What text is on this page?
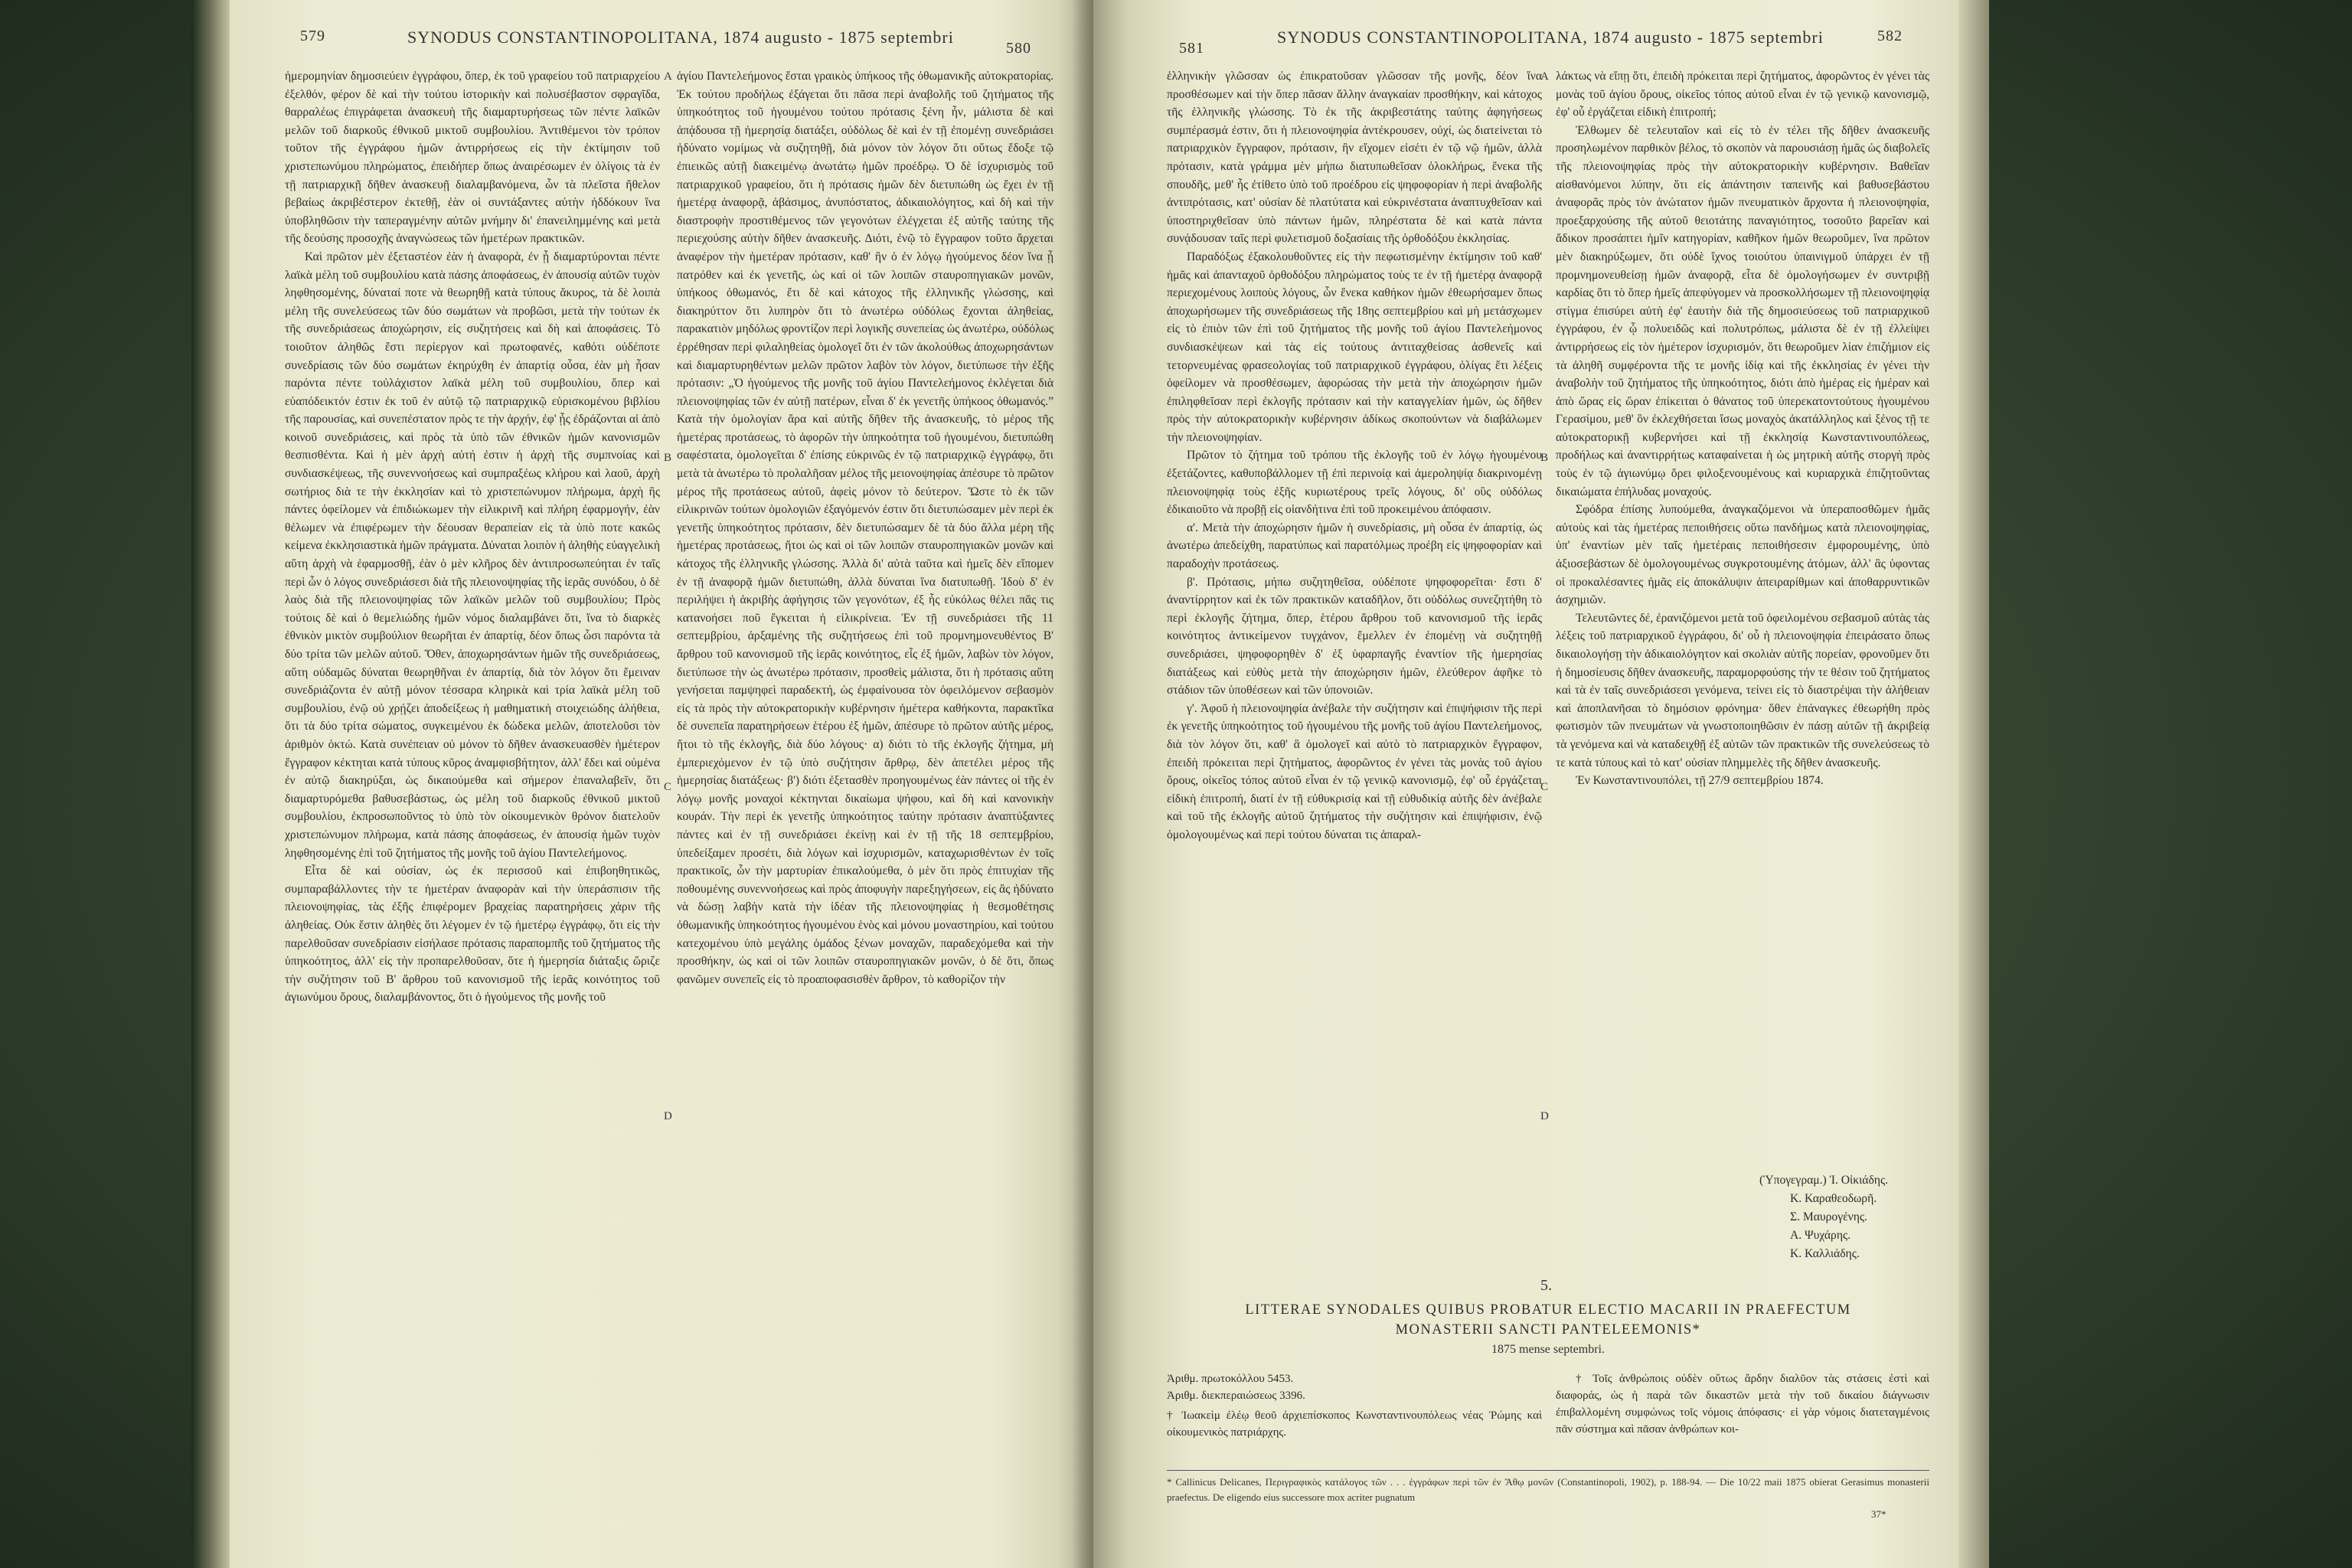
579	SYNODUS CONSTANTINOPOLITANA, 1874 augusto - 1875 septembri
580

ἡμερομηνίαν δημοσιεύειν ἐγγράφου, ὅπερ, ἐκ τοῦ γραφείου τοῦ πατριαρχείου ἐξελθόν, φέρον δὲ καὶ τὴν τούτου ἱστορικὴν καὶ πολυσέβαστον σφραγῖδα, θαρραλέως ἐπιγράφεται ἀνασκευὴ τῆς διαμαρτυρήσεως τῶν πέντε λαϊκῶν μελῶν τοῦ διαρκοῦς ἐθνικοῦ μικτοῦ συμβουλίου. Ἀντιθέμενοι τὸν τρόπον τοῦτον τῆς ἐγγράφου ἡμῶν ἀντιρρήσεως εἰς τὴν ἐκτίμησιν τοῦ χριστεπωνύμου πληρώματος, ἐπειδήπερ ὅπως ἀναιρέσωμεν ἐν ὀλίγοις τὰ ἐν τῇ πατριαρχικῇ δῆθεν ἀνασκευῇ διαλαμβανόμενα, ὧν τὰ πλεῖστα ἤθελον βεβαίως ἀκριβέστερον ἐκτεθῇ, ἐὰν οἱ συντάξαντες αὐτὴν ἠδδόκουν ἵνα ὑποβληθῶσιν τὴν ταπεραγμένην αὐτῶν μνήμην δι' ἐπανειλημμένης καὶ μετὰ τῆς δεούσης προσοχῆς ἀναγνώσεως τῶν ἡμετέρων πρακτικῶν.

Καὶ πρῶτον μὲν ἐξεταστέον ἐὰν ἡ ἀναφορὰ, ἐν ᾗ διαμαρτύρονται πέντε λαϊκὰ μέλη τοῦ συμβουλίου κατὰ πάσης ἀποφάσεως, ἐν ἀπουσίᾳ αὐτῶν τυχὸν ληφθησομένης, δύναταί ποτε νὰ θεωρηθῇ κατὰ τύπους ἄκυρος, τὰ δὲ λοιπὰ μέλη τῆς συνελεύσεως τῶν δύο σωμάτων νὰ προβῶσι, μετὰ τὴν τούτων ἐκ τῆς συνεδριάσεως ἀποχώρησιν, εἰς συζητήσεις καὶ δὴ καὶ ἀποφάσεις. Τὸ τοιοῦτον ἀληθῶς ἔστι περίεργον καὶ πρωτοφανές, καθότι οὐδέποτε συνεδρίασις τῶν δύο σωμάτων ἐκηρύχθη ἐν ἀπαρτίᾳ οὖσα, ἐὰν μὴ ἦσαν παρόντα πέντε τοὐλάχιστον λαϊκὰ μέλη τοῦ συμβουλίου, ὅπερ καὶ εὐαπόδεικτόν ἐστιν ἐκ τοῦ ἐν αὐτῷ τῷ πατριαρχικῷ εὑρισκομένου βιβλίου τῆς παρουσίας, καὶ συνεπέστατον πρὸς τε τὴν ἀρχήν, ἐφ' ᾗς ἐδράζονται αἱ ἀπὸ κοινοῦ συνεδριάσεις, καὶ πρὸς τὰ ὑπὸ τῶν ἐθνικῶν ἡμῶν κανονισμῶν θεσπισθέντα. Καὶ ἡ μὲν ἀρχὴ αὐτή ἐστιν ἡ ἀρχὴ τῆς συμπνοίας καὶ συνδιασκέψεως, τῆς συνεννοήσεως καὶ συμπραξέως κλήρου καὶ λαοῦ, ἀρχὴ σωτήριος διὰ τε τὴν ἐκκλησίαν καὶ τὸ χριστεπώνυμον πλήρωμα, ἀρχὴ ἣς πάντες ὀφείλομεν νὰ ἐπιδιώκωμεν τὴν εἰλικρινῆ καὶ πλήρη ἐφαρμογήν, ἐὰν θέλωμεν νὰ ἐπιφέρωμεν τὴν δέουσαν θεραπείαν εἰς τὰ ὑπὸ ποτε κακῶς κείμενα ἐκκλησιαστικὰ ἡμῶν πράγματα. Δύναται λοιπὸν ἡ ἀληθὴς εὐαγγελικὴ αὕτη ἀρχὴ νὰ ἐφαρμοσθῇ, ἐὰν ὁ μὲν κλῆρος δὲν ἀντιπροσωπεύηται ἐν ταῖς περὶ ὧν ὁ λόγος συνεδριάσεσι διὰ τῆς πλειονοψηφίας τῆς ἱερᾶς συνόδου, ὁ δὲ λαὸς διὰ τῆς πλειονοψηφίας τῶν λαϊκῶν μελῶν τοῦ συμβουλίου; Πρὸς τούτοις δὲ καὶ ὁ θεμελιώδης ἡμῶν νόμος διαλαμβάνει ὅτι, ἵνα τὸ διαρκὲς ἐθνικὸν μικτὸν συμβούλιον θεωρῆται ἐν ἀπαρτίᾳ, δέον ὅπως ὦσι παρόντα τὰ δύο τρίτα τῶν μελῶν αὐτοῦ. Ὅθεν, ἀποχωρησάντων ἡμῶν τῆς συνεδριάσεως, αὕτη οὐδαμῶς δύναται θεωρηθῆναι ἐν ἀπαρτίᾳ, διὰ τὸν λόγον ὅτι ἔμειναν συνεδριάζοντα ἐν αὐτῇ μόνον τέσσαρα κληρικὰ καὶ τρία λαϊκὰ μέλη τοῦ συμβουλίου, ἐνῷ οὐ χρῄζει ἀποδείξεως ἡ μαθηματικὴ στοιχειώδης ἀλήθεια, ὅτι τὰ δύο τρίτα σώματος, συγκειμένου ἐκ δώδεκα μελῶν, ἀποτελοῦσι τὸν ἀριθμὸν ὀκτώ. Κατὰ συνέπειαν οὐ μόνον τὸ δῆθεν ἀνασκευασθὲν ἡμέτερον ἔγγραφον κέκτηται κατὰ τύπους κῦρος ἀναμφισβήτητον, ἀλλ' ἔδει καὶ οὐμένα ἐν αὐτῷ διακηρύξαι, ὡς δικαιούμεθα καὶ σήμερον ἐπαναλαβεῖν, ὅτι διαμαρτυρόμεθα βαθυσεβάστως, ὡς μέλη τοῦ διαρκοῦς ἐθνικοῦ μικτοῦ συμβουλίου, ἐκπροσωποῦντος τὸ ὑπὸ τὸν οἰκουμενικὸν θρόνον διατελοῦν χριστεπώνυμον πλήρωμα, κατὰ πάσης ἀποφάσεως, ἐν ἀπουσίᾳ ἡμῶν τυχὸν ληφθησομένης ἐπὶ τοῦ ζητήματος τῆς μονῆς τοῦ ἁγίου Παντελεήμονος.

Εἶτα δὲ καὶ οὐσίαν, ὡς ἐκ περισσοῦ καὶ ἐπιβοηθητικῶς, συμπαραβάλλοντες τὴν τε ἡμετέραν ἀναφορὰν καὶ τὴν ὑπεράσπισιν τῆς πλειονοψηφίας, τὰς ἐξῆς ἐπιφέρομεν βραχείας παρατηρήσεις χάριν τῆς ἀληθείας. Οὐκ ἔστιν ἀληθὲς ὅτι λέγομεν ἐν τῷ ἡμετέρῳ ἐγγράφῳ, ὅτι εἰς τὴν παρελθοῦσαν συνεδρίασιν εἰσήλασε πρότασις παραπομπῆς τοῦ ζητήματος τῆς ὑπηκοότητος, ἀλλ' εἰς τὴν προπαρελθοῦσαν, ὅτε ἡ ἡμερησία διάταξις ὥριζε τὴν συζήτησιν τοῦ Β' ἄρθρου τοῦ κανονισμοῦ τῆς ἱερᾶς κοινότητος τοῦ ἁγιωνύμου ὄρους, διαλαμβάνοντος, ὅτι ὁ ἡγούμενος τῆς μονῆς τοῦ

A
B
C
D

ἁγίου Παντελεήμονος ἔσται γραικὸς ὑπήκοος τῆς ὀθωμανικῆς αὐτοκρατορίας. Ἐκ τούτου προδήλως ἐξάγεται ὅτι πᾶσα περὶ ἀναβολῆς τοῦ ζητήματος τῆς ὑπηκοότητος τοῦ ἡγουμένου τούτου πρότασις ξένη ἦν, μάλιστα δὲ καὶ ἀπᾴδουσα τῇ ἡμερησίᾳ διατάξει, οὐδόλως δὲ καὶ ἐν τῇ ἐπομένῃ συνεδριάσει ἠδύνατο νομίμως νὰ συζητηθῇ, διὰ μόνον τὸν λόγον ὅτι οὕτως ἔδοξε τῷ ἐπιεικῶς αὐτῇ διακειμένῳ ἀνωτάτῳ ἡμῶν προέδρῳ. Ὁ δὲ ἰσχυρισμὸς τοῦ πατριαρχικοῦ γραφείου, ὅτι ἡ πρότασις ἡμῶν δὲν διετυπώθη ὡς ἔχει ἐν τῇ ἡμετέρᾳ ἀναφορᾷ, ἀβάσιμος, ἀνυπόστατος, ἀδικαιολόγητος, καὶ δὴ καὶ τὴν διαστροφὴν προστιθέμενος τῶν γεγονότων ἐλέγχεται ἐξ αὐτῆς ταύτης τῆς περιεχούσης αὐτὴν δῆθεν ἀνασκευῆς. Διότι, ἐνῷ τὸ ἔγγραφον τοῦτο ἄρχεται ἀναφέρον τὴν ἡμετέραν πρότασιν, καθ' ἣν ὁ ἐν λόγῳ ἡγούμενος δέον ἵνα ᾖ πατρόθεν καὶ ἐκ γενετῆς, ὡς καὶ οἱ τῶν λοιπῶν σταυροπηγιακῶν μονῶν, ὑπήκοος ὀθωμανός, ἔτι δὲ καὶ κάτοχος τῆς ἑλληνικῆς γλώσσης, καὶ διακηρύττον ὅτι λυπηρὸν ὅτι τὸ ἀνωτέρω οὐδόλως ἔχονται ἀληθείας, παρακατιὸν μηδόλως φροντίζον περὶ λογικῆς συνεπείας ὡς ἀνωτέρω, οὐδόλως ἐρρέθησαν περὶ φιλαληθείας ὁμολογεῖ ὅτι ἐν τῶν ἀκολούθως ἀποχωρησάντων καὶ διαμαρτυρηθέντων μελῶν πρῶτον λαβὸν τὸν λόγον, διετύπωσε τὴν ἐξῆς πρότασιν: „Ὁ ἡγούμενος τῆς μονῆς τοῦ ἁγίου Παντελεήμονος ἐκλέγεται διὰ πλειονοψηφίας τῶν ἐν αὐτῇ πατέρων, εἶναι δ' ἐκ γενετῆς ὑπήκοος ὀθωμανός.” Κατὰ τὴν ὁμολογίαν ἄρα καὶ αὐτῆς δῆθεν τῆς ἀνασκευῆς, τὸ μέρος τῆς ἡμετέρας προτάσεως, τὸ ἀφορῶν τὴν ὑπηκοότητα τοῦ ἡγουμένου, διετυπώθη σαφέστατα, ὁμολογεῖται δ' ἐπίσης εὐκρινῶς ἐν τῷ πατριαρχικῷ ἐγγράφῳ, ὅτι μετὰ τὰ ἀνωτέρω τὸ προλαλῆσαν μέλος τῆς μειονοψηφίας ἀπέσυρε τὸ πρῶτον μέρος τῆς προτάσεως αὐτοῦ, ἀφεὶς μόνον τὸ δεύτερον. Ὥστε τὸ ἐκ τῶν εἰλικρινῶν τούτων ὁμολογιῶν ἐξαγόμενόν ἐστιν ὅτι διετυπώσαμεν μὲν περὶ ἐκ γενετῆς ὑπηκοότητος πρότασιν, δὲν διετυπώσαμεν δὲ τὰ δύο ἄλλα μέρη τῆς ἡμετέρας προτάσεως, ἤτοι ὡς καὶ οἱ τῶν λοιπῶν σταυροπηγιακῶν μονῶν καὶ κάτοχος τῆς ἑλληνικῆς γλώσσης. Ἀλλὰ δι' αὐτὰ ταῦτα καὶ ἡμεῖς δὲν εἴπομεν ἐν τῇ ἀναφορᾷ ἡμῶν διετυπώθη, ἀλλὰ δύναται ἵνα διατυπωθῇ. Ἰδοὺ δ' ἐν περιλήψει ἡ ἀκριβὴς ἀφήγησις τῶν γεγονότων, ἐξ ἧς εὐκόλως θέλει πᾶς τις κατανοήσει ποῦ ἔγκειται ἡ εἰλικρίνεια. Ἐν τῇ συνεδριάσει τῆς 11 σεπτεμβρίου, ἀρξαμένης τῆς συζητήσεως ἐπὶ τοῦ προμνημονευθέντος Β' ἄρθρου τοῦ κανονισμοῦ τῆς ἱερᾶς κοινότητος, εἷς ἐξ ἡμῶν, λαβὼν τὸν λόγον, διετύπωσε τὴν ὡς ἀνωτέρω πρότασιν, προσθεὶς μάλιστα, ὅτι ἡ πρότασις αὕτη γενήσεται παμψηφεὶ παραδεκτή, ὡς ἐμφαίνουσα τὸν ὀφειλόμενον σεβασμὸν εἰς τὰ πρὸς τὴν αὐτοκρατορικὴν κυβέρνησιν ἡμέτερα καθήκοντα, παρακτῖκα δὲ συνεπεῖα παρατηρήσεων ἑτέρου ἐξ ἡμῶν, ἀπέσυρε τὸ πρῶτον αὐτῆς μέρος, ἤτοι τὸ τῆς ἐκλογῆς, διὰ δύο λόγους· α) διότι τὸ τῆς ἐκλογῆς ζήτημα, μὴ ἐμπεριεχόμενον ἐν τῷ ὑπὸ συζήτησιν ἄρθρῳ, δὲν ἀπετέλει μέρος τῆς ἡμερησίας διατάξεως· β') διότι ἐξετασθὲν προηγουμένως ἐὰν πάντες οἱ τῆς ἐν λόγῳ μονῆς μοναχοὶ κέκτηνται δικαίωμα ψήφου, καὶ δὴ καὶ κανονικὴν κουράν. Τὴν περὶ ἐκ γενετῆς ὑπηκοότητος ταύτην πρότασιν ἀναπτύξαντες πάντες καὶ ἐν τῇ συνεδριάσει ἐκείνῃ καὶ ἐν τῇ τῆς 18 σεπτεμβρίου, ὑπεδείξαμεν προσέτι, διὰ λόγων καὶ ἰσχυρισμῶν, καταχωρισθέντων ἐν τοῖς πρακτικοῖς, ὧν τὴν μαρτυρίαν ἐπικαλούμεθα, ὁ μὲν ὅτι πρὸς ἐπιτυχίαν τῆς ποθουμένης συνεννοήσεως καὶ πρὸς ἀποφυγὴν παρεξηγήσεων, εἰς ἃς ἠδύνατο νὰ δώσῃ λαβὴν κατὰ τὴν ἰδέαν τῆς πλειονοψηφίας ἡ θεσμοθέτησις ὀθωμανικῆς ὑπηκοότητος ἡγουμένου ἑνὸς καὶ μόνου μοναστηρίου, καὶ τούτου κατεχομένου ὑπὸ μεγάλης ὁμάδος ξένων μοναχῶν, παραδεχόμεθα καὶ τὴν προσθήκην, ὡς καὶ οἱ τῶν λοιπῶν σταυροπηγιακῶν μονῶν, ὁ δὲ ὅτι, ὅπως φανῶμεν συνεπεῖς εἰς τὸ προαποφασισθὲν ἄρθρον, τὸ καθορίζον τὴν

581
SYNODUS CONSTANTINOPOLITANA, 1874 augusto - 1875 septembri	582

ἑλληνικὴν γλῶσσαν ὡς ἐπικρατοῦσαν γλῶσσαν τῆς μονῆς, δέον ἵνα προσθέσωμεν καὶ τὴν ὅπερ πᾶσαν ἄλλην ἀναγκαίαν προσθήκην, καὶ κάτοχος τῆς ἑλληνικῆς γλώσσης. Τὸ ἐκ τῆς ἀκριβεστάτης ταύτης ἀφηγήσεως συμπέρασμά ἐστιν, ὅτι ἡ πλειονοψηφία ἀντέκρουσεν, οὐχί, ὡς διατείνεται τὸ πατριαρχικὸν ἔγγραφον, πρότασιν, ἣν εἴχομεν εἰσέτι ἐν τῷ νῷ ἡμῶν, ἀλλὰ πρότασιν, κατὰ γράμμα μὲν μήπω διατυπωθεῖσαν ὁλοκλήρως, ἕνεκα τῆς σπουδῆς, μεθ' ἧς ἐτίθετο ὑπὸ τοῦ προέδρου εἰς ψηφοφορίαν ἡ περὶ ἀναβολῆς ἀντιπρότασις, κατ' οὐσίαν δὲ πλατύτατα καὶ εὐκρινέστατα ἀναπτυχθεῖσαν καὶ ὑποστηριχθεῖσαν ὑπὸ πάντων ἡμῶν, πληρέστατα δὲ καὶ κατὰ πάντα συνᾴδουσαν ταῖς περὶ φυλετισμοῦ δοξασίαις τῆς ὀρθοδόξου ἐκκλησίας.

Παραδόξως ἐξακολουθοῦντες εἰς τὴν πεφωτισμένην ἐκτίμησιν τοῦ καθ' ἡμᾶς καὶ ἁπανταχοῦ ὀρθοδόξου πληρώματος τοὺς τε ἐν τῇ ἡμετέρᾳ ἀναφορᾷ περιεχομένους λοιποὺς λόγους, ὧν ἕνεκα καθήκον ἡμῶν ἐθεωρήσαμεν ὅπως ἀποχωρήσωμεν τῆς συνεδριάσεως τῆς 18ης σεπτεμβρίου καὶ μὴ μετάσχωμεν εἰς τὸ ἐπιὸν τῶν ἐπὶ τοῦ ζητήματος τῆς μονῆς τοῦ ἁγίου Παντελεήμονος συνδιασκέψεων καὶ τὰς εἰς τούτους ἀντιταχθείσας ἀσθενεῖς καὶ τετορνευμένας φρασεολογίας τοῦ πατριαρχικοῦ ἐγγράφου, ὀλίγας ἔτι λέξεις ὀφείλομεν νὰ προσθέσωμεν, ἀφορώσας τὴν μετὰ τὴν ἀποχώρησιν ἡμῶν ἐπιληφθεῖσαν περὶ ἐκλογῆς πρότασιν καὶ τὴν καταγγελίαν ἡμῶν, ὡς δῆθεν πρὸς τὴν αὐτοκρατορικὴν κυβέρνησιν ἀδίκως σκοπούντων νὰ διαβάλωμεν τὴν πλειονοψηφίαν.

Πρῶτον τὸ ζήτημα τοῦ τρόπου τῆς ἐκλογῆς τοῦ ἐν λόγῳ ἡγουμένου ἐξετάζοντες, καθυποβάλλομεν τῇ ἐπὶ περινοίᾳ καὶ ἀμεροληψίᾳ διακρινομένῃ πλειονοψηφίᾳ τοὺς ἐξῆς κυριωτέρους τρεῖς λόγους, δι' οὓς οὐδόλως ἐδικαιοῦτο νὰ προβῇ εἰς οἱανδήτινα ἐπὶ τοῦ προκειμένου ἀπόφασιν.

α'. Μετὰ τὴν ἀποχώρησιν ἡμῶν ἡ συνεδρίασις, μὴ οὖσα ἐν ἀπαρτίᾳ, ὡς ἀνωτέρω ἀπεδείχθη, παρατύπως καὶ παρατόλμως προέβη εἰς ψηφοφορίαν καὶ παραδοχὴν προτάσεως.

β'. Πρότασις, μήπω συζητηθεῖσα, οὐδέποτε ψηφοφορεῖται· ἔστι δ' ἀναντίρρητον καὶ ἐκ τῶν πρακτικῶν καταδῆλον, ὅτι οὐδόλως συνεζητήθη τὸ περὶ ἐκλογῆς ζήτημα, ὅπερ, ἑτέρου ἄρθρου τοῦ κανονισμοῦ τῆς ἱερᾶς κοινότητος ἀντικείμενον τυγχάνον, ἔμελλεν ἐν ἐπομένῃ νὰ συζητηθῇ συνεδριάσει, ψηφοφορηθὲν δ' ἐξ ὑφαρπαγῆς ἐναντίον τῆς ἡμερησίας διατάξεως καὶ εὐθὺς μετὰ τὴν ἀποχώρησιν ἡμῶν, ἐλεύθερον ἀφῆκε τὸ στάδιον τῶν ὑποθέσεων καὶ τῶν ὑπονοιῶν.

γ'. Ἀφοῦ ἡ πλειονοψηφία ἀνέβαλε τὴν συζήτησιν καὶ ἐπιψήφισιν τῆς περὶ ἐκ γενετῆς ὑπηκοότητος τοῦ ἡγουμένου τῆς μονῆς τοῦ ἁγίου Παντελεήμονος, διὰ τὸν λόγον ὅτι, καθ' ἃ ὁμολογεῖ καὶ αὐτὸ τὸ πατριαρχικὸν ἔγγραφον, ἐπειδὴ πρόκειται περὶ ζητήματος, ἀφορῶντος ἐν γένει τὰς μονὰς τοῦ ἁγίου ὄρους, οἰκεῖος τόπος αὐτοῦ εἶναι ἐν τῷ γενικῷ κανονισμῷ, ἐφ' οὗ ἐργάζεται εἰδικὴ ἐπιτροπή, διατί ἐν τῇ εὐθυκρισίᾳ καὶ τῇ εὐθυδικίᾳ αὐτῆς δὲν ἀνέβαλε καὶ τοῦ τῆς ἐκλογῆς αὐτοῦ ζητήματος τὴν συζήτησιν καὶ ἐπιψήφισιν, ἐνῷ ὁμολογουμένως καὶ περὶ τούτου δύναται τις ἀπαραλ-

A
B
C
D

λάκτως νὰ εἴπῃ ὅτι, ἐπειδὴ πρόκειται περὶ ζητήματος, ἀφορῶντος ἐν γένει τὰς μονὰς τοῦ ἁγίου ὄρους, οἰκεῖος τόπος αὐτοῦ εἶναι ἐν τῷ γενικῷ κανονισμῷ, ἐφ' οὗ ἐργάζεται εἰδικὴ ἐπιτροπή;

Ἐλθωμεν δὲ τελευταῖον καὶ εἰς τὸ ἐν τέλει τῆς δῆθεν ἀνασκευῆς προσηλωμένον παρθικὸν βέλος, τὸ σκοπὸν νὰ παρουσιάσῃ ἡμᾶς ὡς διαβολεῖς τῆς πλειονοψηφίας πρὸς τὴν αὐτοκρατορικὴν κυβέρνησιν. Βαθεῖαν αἰσθανόμενοι λύπην, ὅτι εἰς ἀπάντησιν ταπεινῆς καὶ βαθυσεβάστου ἀναφορᾶς πρὸς τὸν ἀνώτατον ἡμῶν πνευματικὸν ἄρχοντα ἡ πλειονοψηφία, προεξαρχούσης τῆς αὐτοῦ θειοτάτης παναγιότητος, τοσοῦτο βαρεῖαν καὶ ἄδικον προσάπτει ἡμῖν κατηγορίαν, καθῆκον ἡμῶν θεωροῦμεν, ἵνα πρῶτον μὲν διακηρύξωμεν, ὅτι οὐδὲ ἴχνος τοιούτου ὑπαινιγμοῦ ὑπάρχει ἐν τῇ προμνημονευθείσῃ ἡμῶν ἀναφορᾷ, εἶτα δὲ ὁμολογήσωμεν ἐν συντριβῇ καρδίας ὅτι τὸ ὅπερ ἡμεῖς ἀπεφύγομεν νὰ προσκολλήσωμεν τῇ πλειονοψηφίᾳ στίγμα ἐπισύρει αὐτὴ ἐφ' ἑαυτὴν διὰ τῆς δημοσιεύσεως τοῦ πατριαρχικοῦ ἐγγράφου, ἐν ᾧ πολυειδῶς καὶ πολυτρόπως, μάλιστα δὲ ἐν τῇ ἐλλείψει ἀντιρρήσεως εἰς τὸν ἡμέτερον ἰσχυρισμόν, ὅτι θεωροῦμεν λίαν ἐπιζήμιον εἰς τὰ ἀληθῆ συμφέροντα τῆς τε μονῆς ἰδίᾳ καὶ τῆς ἐκκλησίας ἐν γένει τὴν ἀναβολὴν τοῦ ζητήματος τῆς ὑπηκοότητος, διότι ἀπὸ ἡμέρας εἰς ἡμέραν καὶ ἀπὸ ὥρας εἰς ὥραν ἐπίκειται ὁ θάνατος τοῦ ὑπερεκατοντούτους ἡγουμένου Γερασίμου, μεθ' ὃν ἐκλεχθήσεται ἴσως μοναχὸς ἀκατάλληλος καὶ ξένος τῇ τε αὐτοκρατορικῇ κυβερνήσει καὶ τῇ ἐκκλησίᾳ Κωνσταντινουπόλεως, προδήλως καὶ ἀναντιρρήτως καταφαίνεται ἡ ὡς μητρικὴ αὐτῆς στοργὴ πρὸς τοὺς ἐν τῷ ἁγιωνύμῳ ὄρει φιλοξενουμένους καὶ κυριαρχικὰ ἐπιζητοῦντας δικαιώματα ἐπήλυδας μοναχούς.

Σφόδρα ἐπίσης λυπούμεθα, ἀναγκαζόμενοι νὰ ὑπεραποσθῶμεν ἡμᾶς αὐτοὺς καὶ τὰς ἡμετέρας πεποιθήσεις οὕτω πανδήμως κατὰ πλειονοψηφίας, ὑπ' ἐναντίων μὲν ταῖς ἡμετέραις πεποιθήσεσιν ἐμφορουμένης, ὑπὸ ἀξιοσεβάστων δὲ ὁμολογουμένως συγκροτουμένης ἀτόμων, ἀλλ' ἃς ὑφοντας οἱ προκαλέσαντες ἡμᾶς εἰς ἀποκάλυψιν ἀπειραρίθμων καὶ ἀποθαρρυντικῶν ἀσχημιῶν.

Τελευτῶντες δέ, ἐρανιζόμενοι μετὰ τοῦ ὀφειλομένου σεβασμοῦ αὐτὰς τὰς λέξεις τοῦ πατριαρχικοῦ ἐγγράφου, δι' οὗ ἡ πλειονοψηφία ἐπειράσατο ὅπως δικαιολογήσῃ τὴν ἀδικαιολόγητον καὶ σκολιὰν αὐτῆς πορείαν, φρονοῦμεν ὅτι ἡ δημοσίευσις δῆθεν ἀνασκευῆς, παραμορφούσης τήν τε θέσιν τοῦ ζητήματος καὶ τὰ ἐν ταῖς συνεδριάσεσι γενόμενα, τείνει εἰς τὸ διαστρέψαι τὴν ἀλήθειαν καὶ ἀποπλανῆσαι τὸ δημόσιον φρόνημα· ὅθεν ἐπάναγκες ἐθεωρήθη πρὸς φωτισμὸν τῶν πνευμάτων νὰ γνωστοποιηθῶσιν ἐν πάσῃ αὐτῶν τῇ ἀκριβείᾳ τὰ γενόμενα καὶ νὰ καταδειχθῇ ἐξ αὐτῶν τῶν πρακτικῶν τῆς συνελεύσεως τὸ τε κατὰ τύπους καὶ τὸ κατ' οὐσίαν πλημμελὲς τῆς δῆθεν ἀνασκευῆς.

Ἐν Κωνσταντινουπόλει, τῇ 27/9 σεπτεμβρίου 1874.

(Ὑπογεγραμ.) Ἰ. Οἰκιάδης.
Κ. Καραθεοδωρῆ.
Σ. Μαυρογένης.
Α. Ψυχάρης.
Κ. Καλλιάδης.
5.
LITTERAE SYNODALES QUIBUS PROBATUR ELECTIO MACARII IN PRAEFECTUM
MONASTERII SANCTI PANTELEEMONIS*
1875 mense septembri.
Ἀριθμ. πρωτοκόλλου 5453.
Ἀριθμ. διεκπεραιώσεως 3396.
† Ἰωακεὶμ ἐλέῳ θεοῦ ἀρχιεπίσκοπος Κωνσταντινουπόλεως νέας Ῥώμης καὶ οἰκουμενικὸς πατριάρχης.
† Τοῖς ἀνθρώποις οὐδὲν οὕτως ἄρδην διαλῦον τὰς στάσεις ἐστὶ καὶ διαφοράς, ὡς ἡ παρὰ τῶν δικαστῶν μετὰ τὴν τοῦ δικαίου διάγνωσιν ἐπιβαλλομένη συμφώνως τοῖς νόμοις ἀπόφασις· εἰ γὰρ νόμοις διατεταγμένοις πᾶν σύστημα καὶ πᾶσαν ἀνθρώπων κοι-
* Callinicus Delicanes, Περιγραφικὸς κατάλογος τῶν . . . ἐγγράφων περὶ τῶν ἐν Ἄθῳ μονῶν (Constantinopoli, 1902), p. 188-94. — Die 10/22 maii 1875 obierat Gerasimus monasterii praefectus. De eligendo eius successore mox acriter pugnatum
37*
